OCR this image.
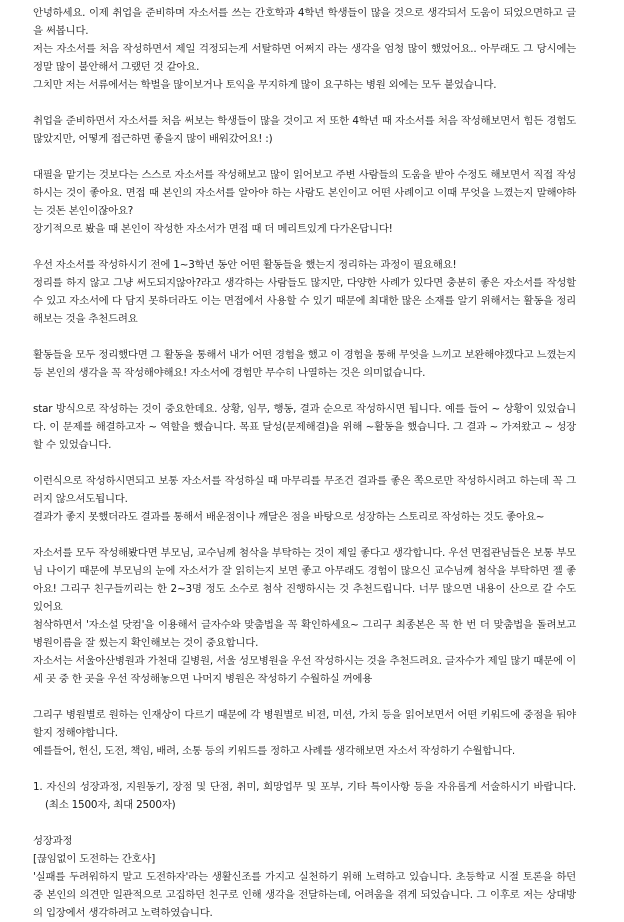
안녕하세요. 이제 취업을 준비하며 자소서를 쓰는 간호학과 4학년 학생들이 많을 것으로 생각되서 도움이 되었으면하고 글을 써봅니다.

저는 자소서를 처음 작성하면서 제일 걱정되는게 서탈하면 어쩌지 라는 생각을 엄청 많이 했었어요.. 아무래도 그 당시에는 정말 많이 불안해서 그랬던 것 같아요.

그치만 저는 서류에서는 학벌을 많이보거나 토익을 무지하게 많이 요구하는 병원 외에는 모두 붙었습니다.

취업을 준비하면서 자소서를 처음 써보는 학생들이 많을 것이고 저 또한 4학년 때 자소서를 처음 작성해보면서 힘든 경험도 많았지만, 어떻게 접근하면 좋을지 많이 배워갔어요! :)

대필을 맡기는 것보다는 스스로 자소서를 작성해보고 많이 읽어보고 주변 사람들의 도움을 받아 수정도 해보면서 직접 작성하시는 것이 좋아요. 면접 때 본인의 자소서를 알아야 하는 사람도 본인이고 어떤 사례이고 이때 무엇을 느꼈는지 말해야하는 것돈 본인이잖아요?

장기적으로 봤을 때 본인이 작성한 자소서가 면접 때 더 메리트있게 다가온답니다!

우선 자소서를 작성하시기 전에 1~3학년 동안 어떤 활동들을 했는지 정리하는 과정이 필요해요!

정리를 하지 않고 그냥 써도되지않아?라고 생각하는 사람들도 많지만, 다양한 사례가 있다면 충분히 좋은 자소서를 작성할 수 있고 자소서에 다 담지 못하더라도 이는 면접에서 사용할 수 있기 때문에 최대한 많은 소재를 알기 위해서는 활동을 정리해보는 것을 추천드려요

활동들을 모두 정리했다면 그 활동을 통해서 내가 어떤 경험을 했고 이 경험을 통해 무엇을 느끼고 보완해야겠다고 느꼈는지 등 본인의 생각을 꼭 작성해야해요! 자소서에 경험만 무수히 나열하는 것은 의미없습니다.

star 방식으로 작성하는 것이 중요한데요. 상황, 임무, 행동, 결과 순으로 작성하시면 됩니다. 예를 들어 ~ 상황이 있었습니다. 이 문제를 해결하고자 ~ 역할을 했습니다. 목표 달성(문제해결)을 위해 ~활동을 했습니다. 그 결과 ~ 가져왔고 ~ 성장할 수 있었습니다.

이런식으로 작성하시면되고 보통 자소서를 작성하실 때 마무리를 무조건 결과를 좋은 쪽으로만 작성하시려고 하는데 꼭 그러지 않으셔도됩니다.

결과가 좋지 못했더라도 결과를 통해서 배운점이나 깨달은 점을 바탕으로 성장하는 스토리로 작성하는 것도 좋아요~

자소서를 모두 작성해봤다면 부모님, 교수님께 첨삭을 부탁하는 것이 제일 좋다고 생각합니다. 우선 면접관님들은 보통 부모님 나이기 때문에 부모님의 눈에 자소서가 잘 읽히는지 보면 좋고 아무래도 경험이 많으신 교수님께 첨삭을 부탁하면 젤 좋아요! 그리구 친구들끼리는 한 2~3명 정도 소수로 첨삭 진행하시는 것 추천드립니다. 너무 많으면 내용이 산으로 갈 수도 있어요

첨삭하면서 '자소설 닷컴'을 이용해서 글자수와 맞춤법을 꼭 확인하세요~ 그리구 최종본은 꼭 한 번 더 맞춤법을 돌려보고 병원이름을 잘 썼는지 확인해보는 것이 중요합니다.

자소서는 서울아산병원과 가천대 길병원, 서울 성모병원을 우선 작성하시는 것을 추천드려요. 글자수가 제일 많기 때문에 이 세 곳 중 한 곳을 우선 작성해놓으면 나머지 병원은 작성하기 수월하실 꺼에용

그리구 병원별로 원하는 인재상이 다르기 때문에 각 병원별로 비젼, 미션, 가치 등을 읽어보면서 어떤 키워드에 중점을 둬야할지 정해야합니다.

예를들어, 헌신, 도전, 책임, 배려, 소통 등의 키워드를 정하고 사례를 생각해보면 자소서 작성하기 수월합니다.

1. 자신의 성장과정, 지원동기, 장점 및 단점, 취미, 희망업무 및 포부, 기타 특이사항 등을 자유롭게 서술하시기 바랍니다. (최소 1500자, 최대 2500자)

성장과정

[끊임없이 도전하는 간호사]

'실패를 두려워하지 말고 도전하자'라는 생활신조를 가지고 실천하기 위해 노력하고 있습니다. 초등학교 시절 토론을 하던 중 본인의 의견만 일관적으로 고집하던 친구로 인해 생각을 전달하는데, 어려움을 겪게 되었습니다. 그 이후로 저는 상대방의 입장에서 생각하려고 노력하였습니다.
